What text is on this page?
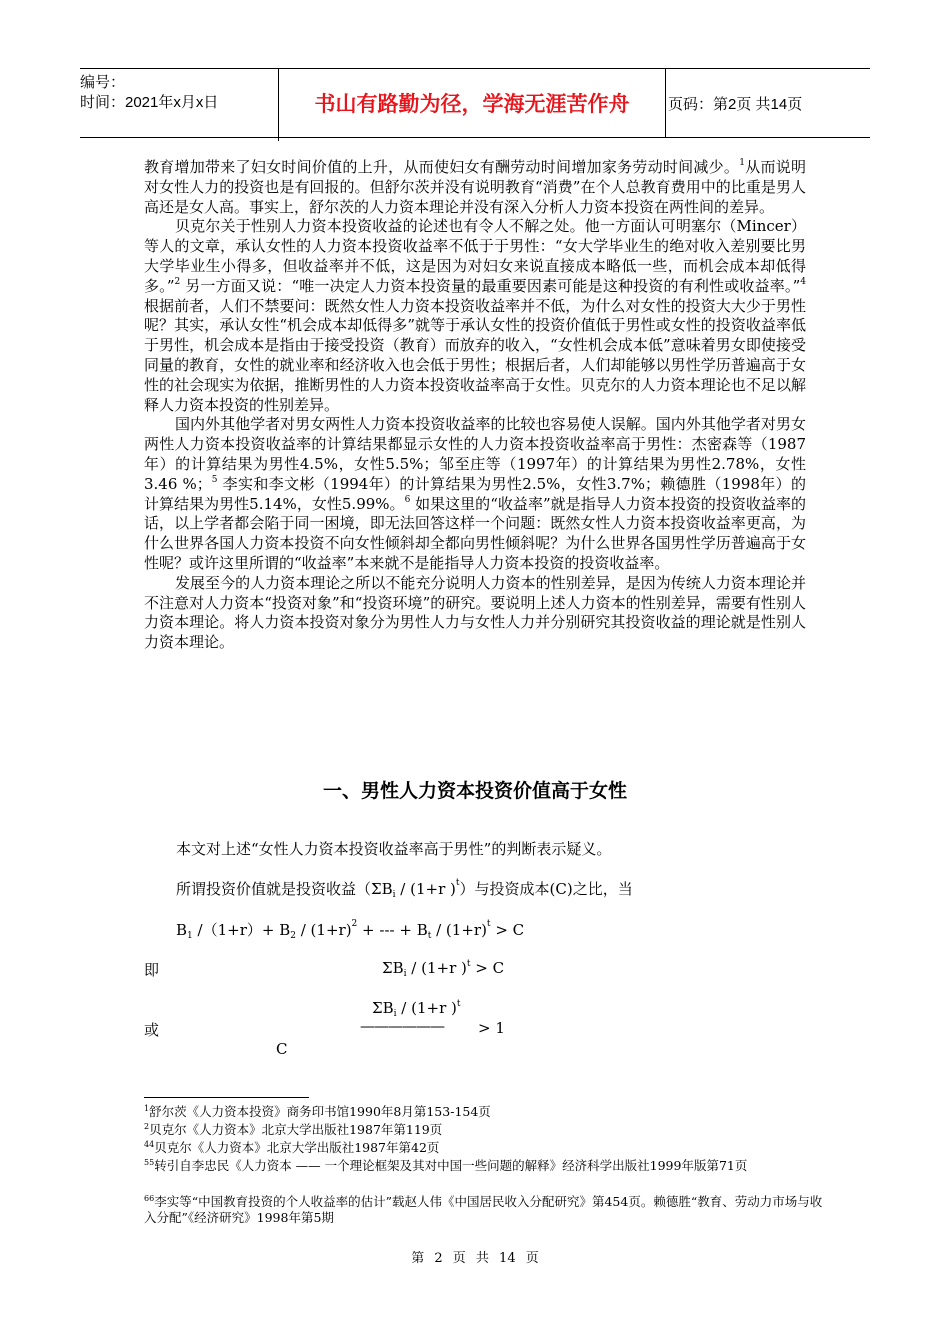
编号：
时间：2021年x月x日	书山有路勤为径，学海无涯苦作舟	页码：第2页 共14页

教育增加带来了妇女时间价值的上升，从而使妇女有酬劳动时间增加家务劳动时间减少。$^1$从而说明对女性人力的投资也是有回报的。但舒尔茨并没有说明教育“消费”在个人总教育费用中的比重是男人高还是女人高。事实上，舒尔茨的人力资本理论并没有深入分析人力资本投资在两性间的差异。

贝克尔关于性别人力资本投资收益的论述也有令人不解之处。他一方面认可明塞尔（Mincer）等人的文章，承认女性的人力资本投资收益率不低于于男性：“女大学毕业生的绝对收入差别要比男大学毕业生小得多，但收益率并不低，这是因为对妇女来说直接成本略低一些，而机会成本却低得多。”$^2$ 另一方面又说：“唯一决定人力资本投资量的最重要因素可能是这种投资的有利性或收益率。”$^4$ 根据前者，人们不禁要问：既然女性人力资本投资收益率并不低，为什么对女性的投资大大少于男性呢？其实，承认女性“机会成本却低得多”就等于承认女性的投资价值低于男性或女性的投资收益率低于男性，机会成本是指由于接受投资（教育）而放弃的收入，“女性机会成本低”意味着男女即使接受同量的教育，女性的就业率和经济收入也会低于男性；根据后者，人们却能够以男性学历普遍高于女性的社会现实为依据，推断男性的人力资本投资收益率高于女性。贝克尔的人力资本理论也不足以解释人力资本投资的性别差异。

国内外其他学者对男女两性人力资本投资收益率的比较也容易使人误解。国内外其他学者对男女两性人力资本投资收益率的计算结果都显示女性的人力资本投资收益率高于男性：杰密森等（1987年）的计算结果为男性4.5%，女性5.5%；邹至庄等（1997年）的计算结果为男性2.78%，女性3.46 %；$^5$ 李实和李文彬（1994年）的计算结果为男性2.5%，女性3.7%；赖德胜（1998年）的计算结果为男性5.14%，女性5.99%。$^6$ 如果这里的“收益率”就是指导人力资本投资的投资收益率的话，以上学者都会陷于同一困境，即无法回答这样一个问题：既然女性人力资本投资收益率更高，为什么世界各国人力资本投资不向女性倾斜却全都向男性倾斜呢？为什么世界各国男性学历普遍高于女性呢？或许这里所谓的“收益率”本来就不是能指导人力资本投资的投资收益率。

发展至今的人力资本理论之所以不能充分说明人力资本的性别差异，是因为传统人力资本理论并不注意对人力资本“投资对象”和“投资环境”的研究。要说明上述人力资本的性别差异，需要有性别人力资本理论。将人力资本投资对象分为男性人力与女性人力并分别研究其投资收益的理论就是性别人力资本理论。

一、男性人力资本投资价值高于女性
本文对上述“女性人力资本投资收益率高于男性”的判断表示疑义。
所谓投资价值就是投资收益（$\Sigma B_i / (1+r$ )$^t$）与投资成本(C)之比，当
$B_1$ $/(1+r)+ B_2 / (1+r)^2$ + --- + $B_t / (1+r)^t > C$
即	$\Sigma B_i / (1+r$ )$^t$ > C
$\Sigma B_i / (1+r$ )$^t$
或	—————— > 1
C
$^1$舒尔茨《人力资本投资》商务印书馆1990年8月第153-154页
$^2$贝克尔《人力资本》北京大学出版社1987年第119页
$^{44}$贝克尔《人力资本》北京大学出版社1987年第42页
$^{55}$转引自李忠民《人力资本 —— 一个理论框架及其对中国一些问题的解释》经济科学出版社1999年版第71页
$^{66}$李实等“中国教育投资的个人收益率的估计”载赵人伟《中国居民收入分配研究》第454页。赖德胜“教育、劳动力市场与收入分配”《经济研究》1998年第5期
第 2 页 共 14 页
